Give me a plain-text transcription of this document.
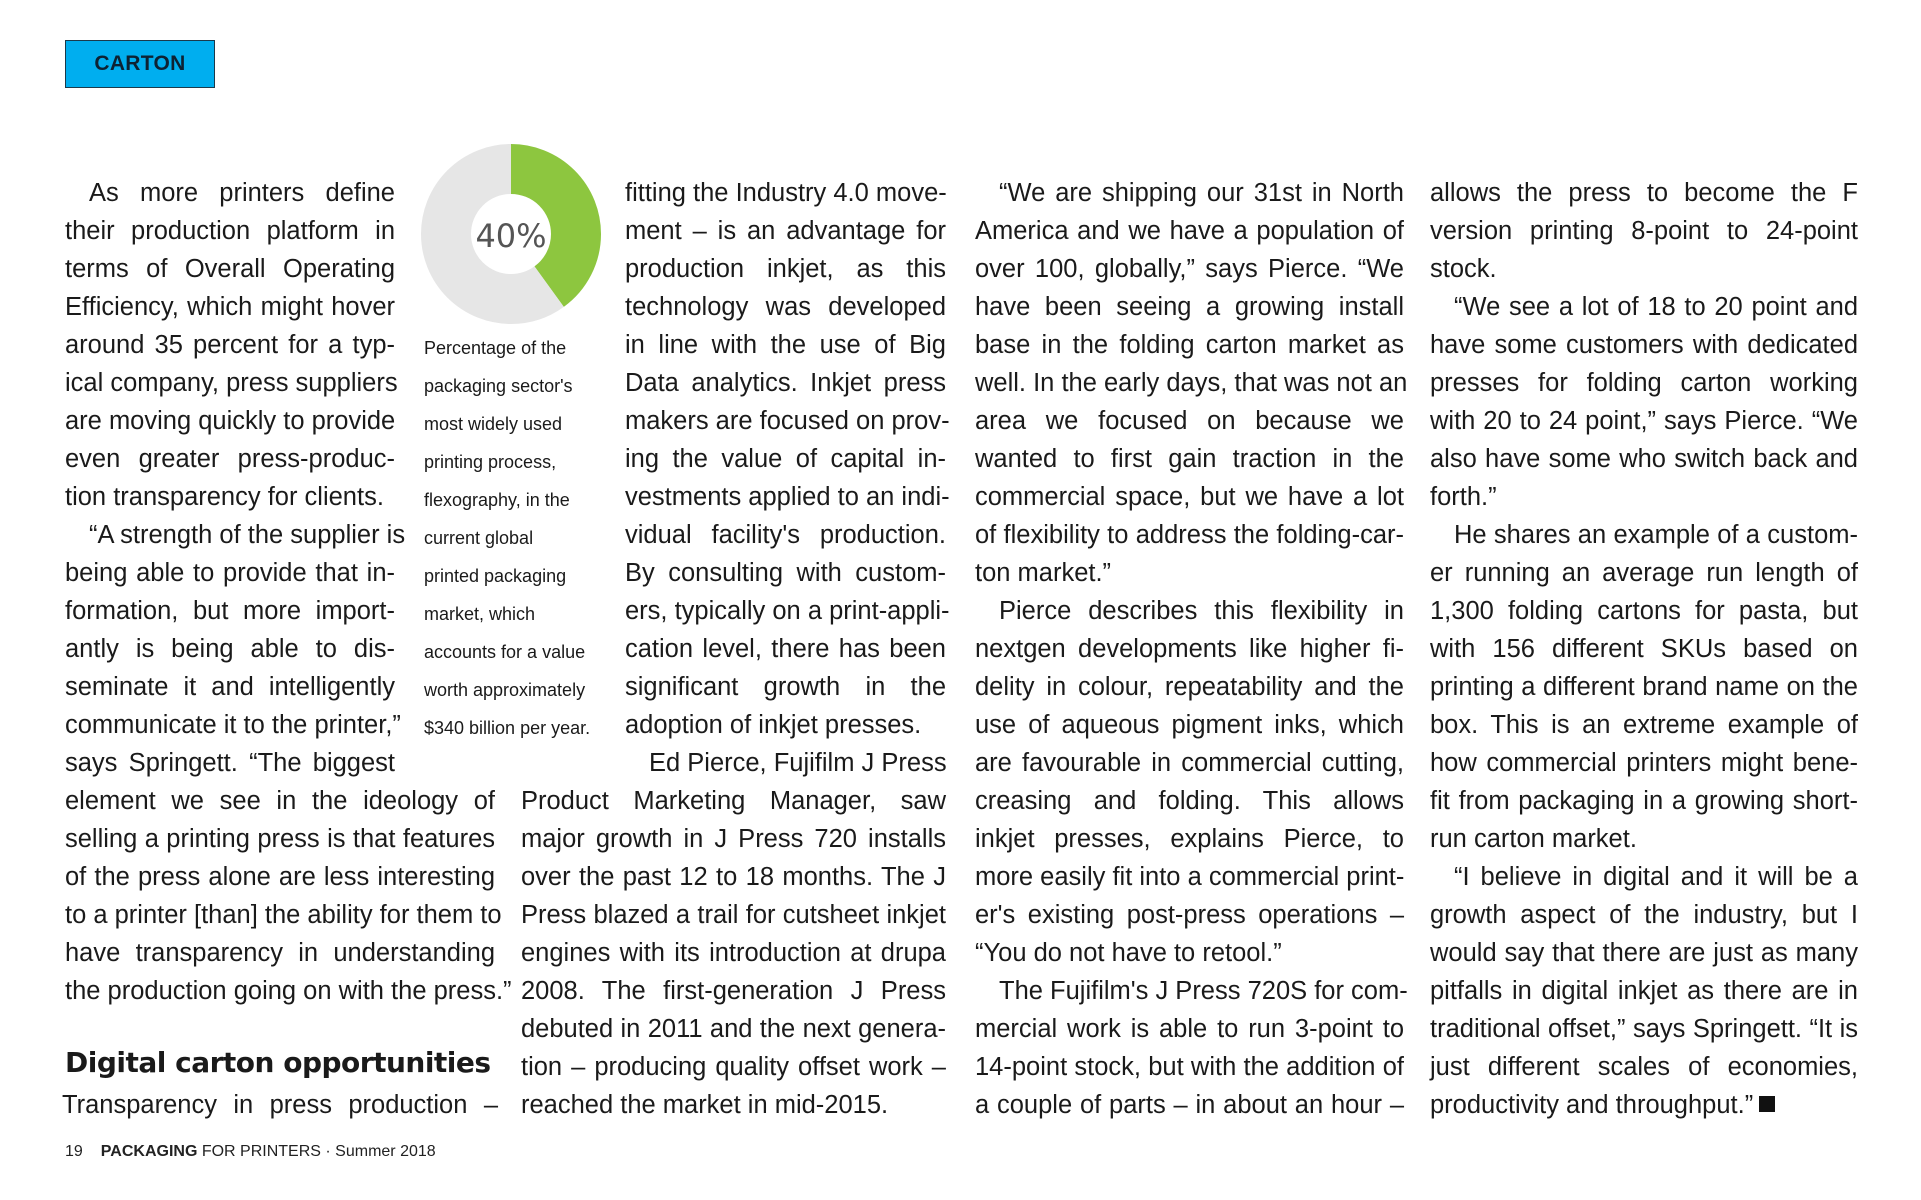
CARTON
40%
Percentage of the
packaging sector's
most widely used
printing process,
flexography, in the
current global
printed packaging
market, which
accounts for a value
worth approximately
$340 billion per year.
As more printers define
their production platform in
terms of Overall Operating
Efficiency, which might hover
around 35 percent for a typ-
ical company, press suppliers
are moving quickly to provide
even greater press-produc-
tion transparency for clients.
“A strength of the supplier is
being able to provide that in-
formation, but more import-
antly is being able to dis-
seminate it and intelligently
communicate it to the printer,”
says Springett. “The biggest
element we see in the ideology of
selling a printing press is that features
of the press alone are less interesting
to a printer [than] the ability for them to
have transparency in understanding
the production going on with the press.”
Digital carton opportunities
Transparency in press production –
fitting the Industry 4.0 move-
ment – is an advantage for
production inkjet, as this
technology was developed
in line with the use of Big
Data analytics. Inkjet press
makers are focused on prov-
ing the value of capital in-
vestments applied to an indi-
vidual facility's production.
By consulting with custom-
ers, typically on a print-appli-
cation level, there has been
significant growth in the
adoption of inkjet presses.
Ed Pierce, Fujifilm J Press
Product Marketing Manager, saw
major growth in J Press 720 installs
over the past 12 to 18 months. The J
Press blazed a trail for cutsheet inkjet
engines with its introduction at drupa
2008. The first-generation J Press
debuted in 2011 and the next genera-
tion – producing quality offset work –
reached the market in mid-2015.
“We are shipping our 31st in North
America and we have a population of
over 100, globally,” says Pierce. “We
have been seeing a growing install
base in the folding carton market as
well. In the early days, that was not an
area we focused on because we
wanted to first gain traction in the
commercial space, but we have a lot
of flexibility to address the folding-car-
ton market.”
Pierce describes this flexibility in
nextgen developments like higher fi-
delity in colour, repeatability and the
use of aqueous pigment inks, which
are favourable in commercial cutting,
creasing and folding. This allows
inkjet presses, explains Pierce, to
more easily fit into a commercial print-
er's existing post-press operations –
“You do not have to retool.”
The Fujifilm's J Press 720S for com-
mercial work is able to run 3-point to
14-point stock, but with the addition of
a couple of parts – in about an hour –
allows the press to become the F
version printing 8-point to 24-point
stock.
“We see a lot of 18 to 20 point and
have some customers with dedicated
presses for folding carton working
with 20 to 24 point,” says Pierce. “We
also have some who switch back and
forth.”
He shares an example of a custom-
er running an average run length of
1,300 folding cartons for pasta, but
with 156 different SKUs based on
printing a different brand name on the
box. This is an extreme example of
how commercial printers might bene-
fit from packaging in a growing short-
run carton market.
“I believe in digital and it will be a
growth aspect of the industry, but I
would say that there are just as many
pitfalls in digital inkjet as there are in
traditional offset,” says Springett. “It is
just different scales of economies,
productivity and throughput.”
19 PACKAGING FOR PRINTERS · Summer 2018
